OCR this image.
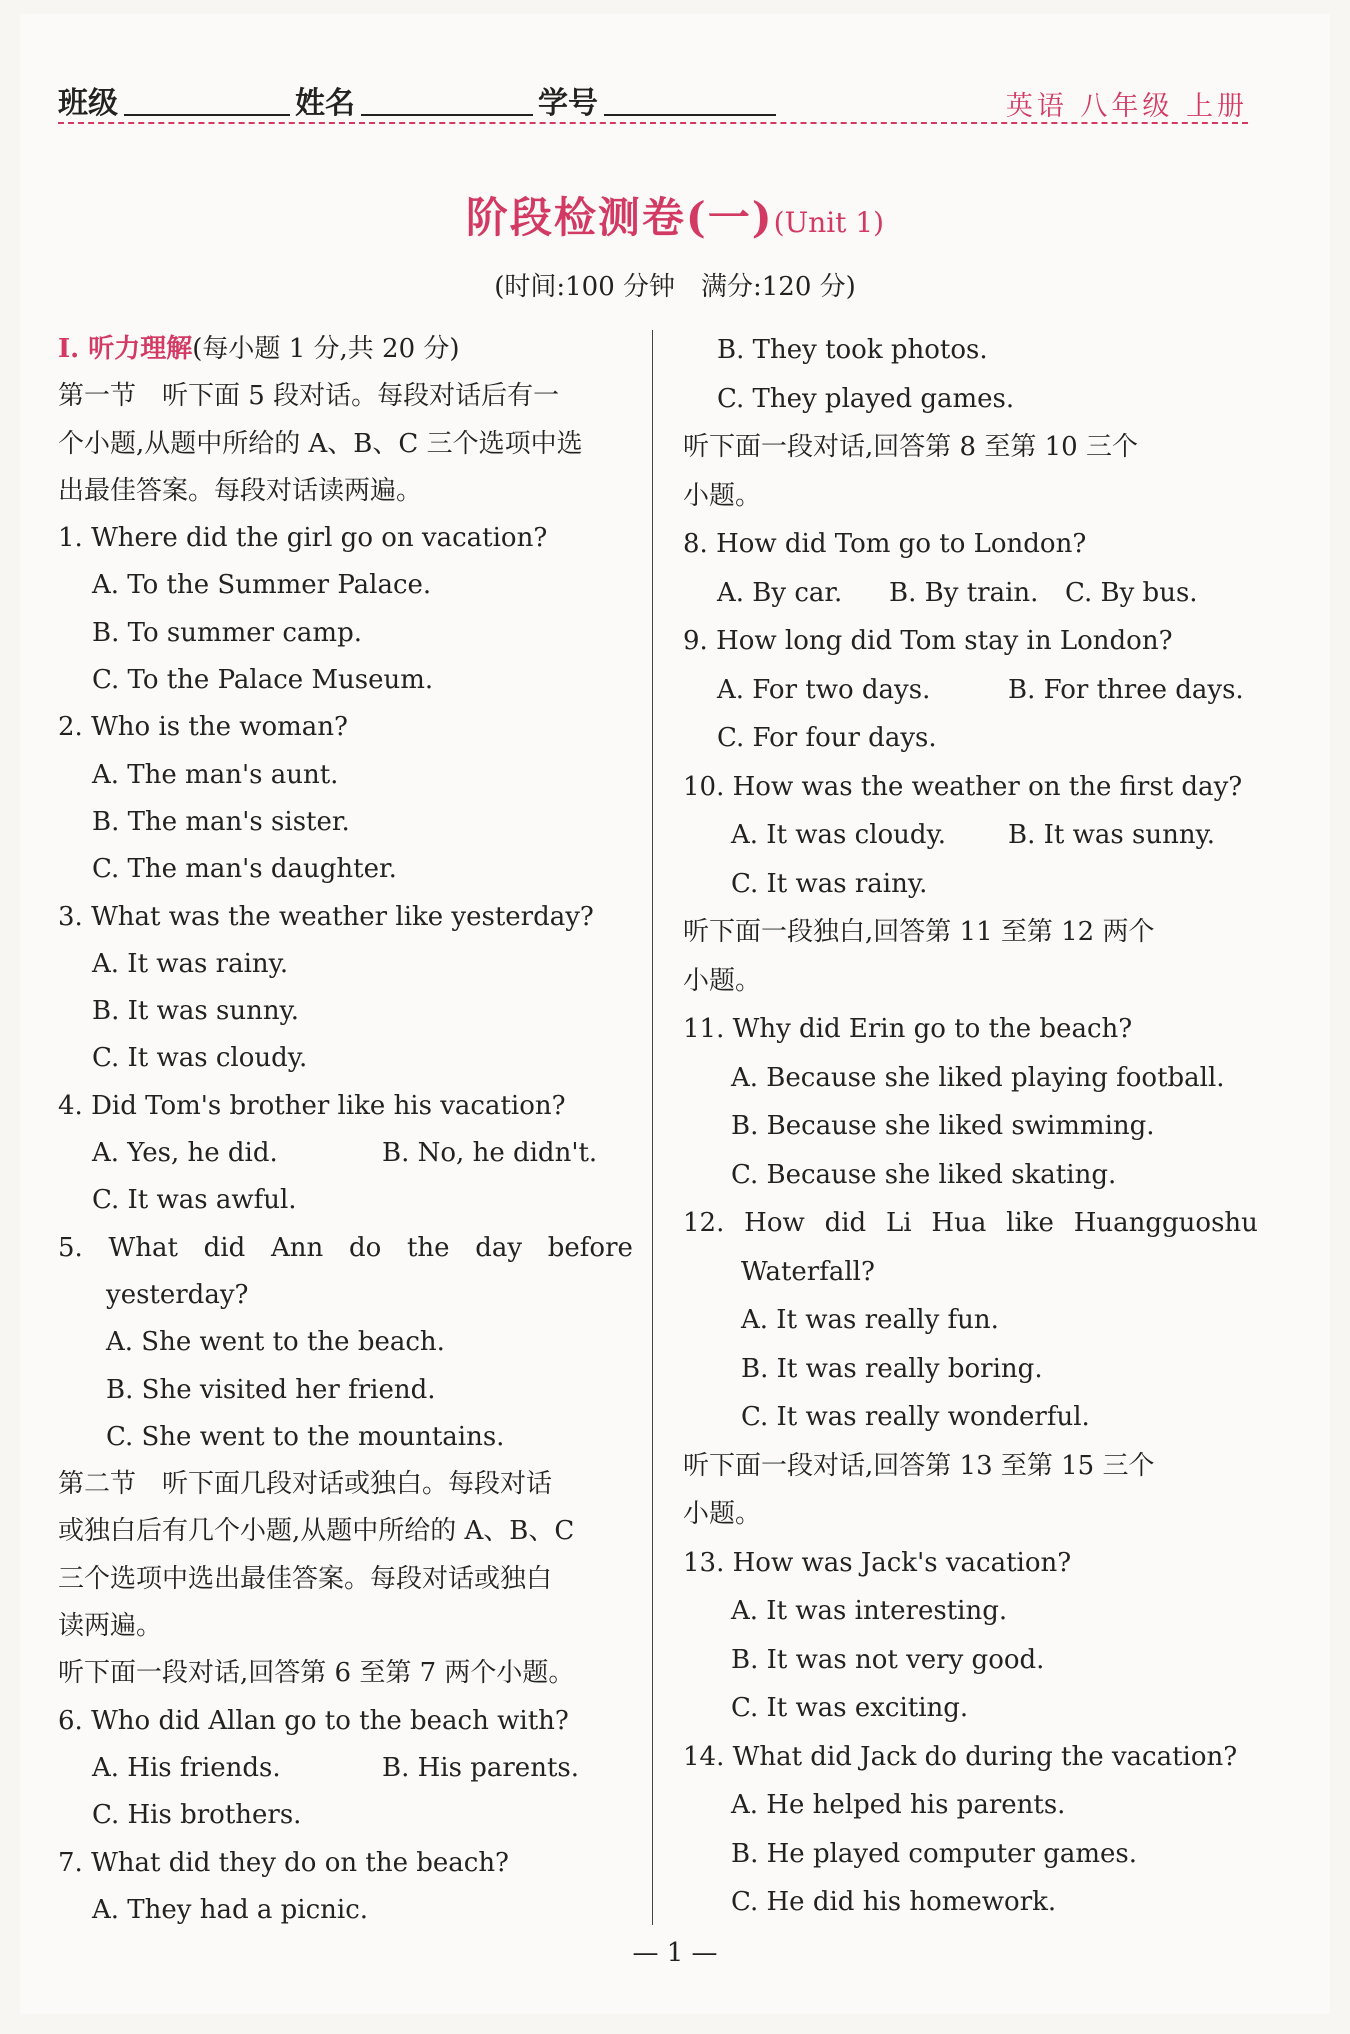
班级	姓名	学号	英语 八年级 上册
阶段检测卷(一)(Unit 1)
(时间:100 分钟　满分:120 分)
Ⅰ. 听力理解(每小题 1 分,共 20 分)
第一节　听下面 5 段对话。每段对话后有一
个小题,从题中所给的 A、B、C 三个选项中选
出最佳答案。每段对话读两遍。
1. Where did the girl go on vacation?
A. To the Summer Palace.
B. To summer camp.
C. To the Palace Museum.
2. Who is the woman?
A. The man's aunt.
B. The man's sister.
C. The man's daughter.
3. What was the weather like yesterday?
A. It was rainy.
B. It was sunny.
C. It was cloudy.
4. Did Tom's brother like his vacation?
A. Yes, he did.	B. No, he didn't.
C. It was awful.
5. What did Ann do the day before
yesterday?
A. She went to the beach.
B. She visited her friend.
C. She went to the mountains.
第二节　听下面几段对话或独白。每段对话
或独白后有几个小题,从题中所给的 A、B、C
三个选项中选出最佳答案。每段对话或独白
读两遍。
听下面一段对话,回答第 6 至第 7 两个小题。
6. Who did Allan go to the beach with?
A. His friends.	B. His parents.
C. His brothers.
7. What did they do on the beach?
A. They had a picnic.
B. They took photos.
C. They played games.
听下面一段对话,回答第 8 至第 10 三个
小题。
8. How did Tom go to London?
A. By car. B. By train. C. By bus.
9. How long did Tom stay in London?
A. For two days.	B. For three days.
C. For four days.
10. How was the weather on the first day?
A. It was cloudy.	B. It was sunny.
C. It was rainy.
听下面一段独白,回答第 11 至第 12 两个
小题。
11. Why did Erin go to the beach?
A. Because she liked playing football.
B. Because she liked swimming.
C. Because she liked skating.
12. How did Li Hua like Huangguoshu
Waterfall?
A. It was really fun.
B. It was really boring.
C. It was really wonderful.
听下面一段对话,回答第 13 至第 15 三个
小题。
13. How was Jack's vacation?
A. It was interesting.
B. It was not very good.
C. It was exciting.
14. What did Jack do during the vacation?
A. He helped his parents.
B. He played computer games.
C. He did his homework.
— 1 —
